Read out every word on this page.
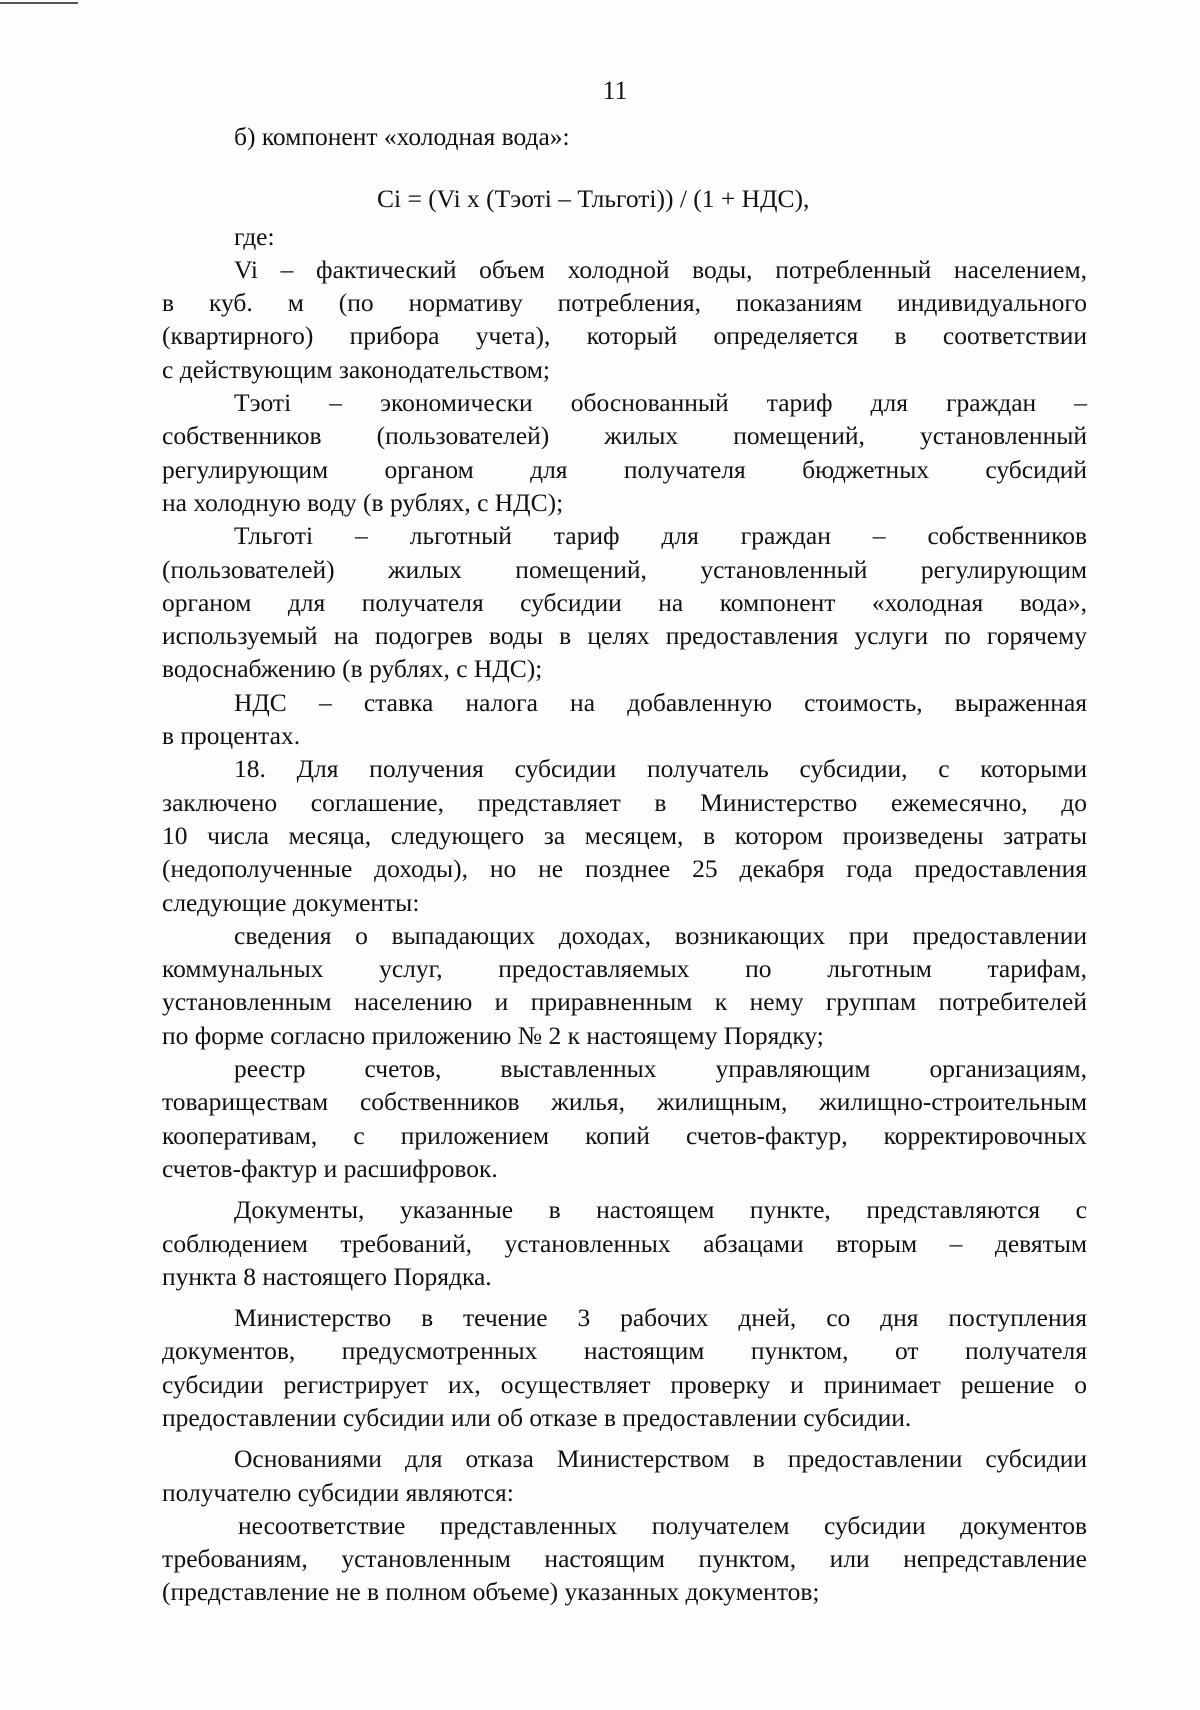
11
б) компонент «холодная вода»:
Ci = (Vi x (Тэоті – Тльготі)) / (1 + НДС),
где:
Vi – фактический объем холодной воды, потребленный населением,
в куб. м (по нормативу потребления, показаниям индивидуального
(квартирного) прибора учета), который определяется в соответствии
с действующим законодательством;
Тэоті – экономически обоснованный тариф для граждан –
собственников (пользователей) жилых помещений, установленный
регулирующим органом для получателя бюджетных субсидий
на холодную воду (в рублях, с НДС);
Тльготі – льготный тариф для граждан – собственников
(пользователей) жилых помещений, установленный регулирующим
органом для получателя субсидии на компонент «холодная вода»,
используемый на подогрев воды в целях предоставления услуги по горячему
водоснабжению (в рублях, с НДС);
НДС – ставка налога на добавленную стоимость, выраженная
в процентах.
18. Для получения субсидии получатель субсидии, с которыми
заключено соглашение, представляет в Министерство ежемесячно, до
10 числа месяца, следующего за месяцем, в котором произведены затраты
(недополученные доходы), но не позднее 25 декабря года предоставления
следующие документы:
сведения о выпадающих доходах, возникающих при предоставлении
коммунальных услуг, предоставляемых по льготным тарифам,
установленным населению и приравненным к нему группам потребителей
по форме согласно приложению № 2 к настоящему Порядку;
реестр счетов, выставленных управляющим организациям,
товариществам собственников жилья, жилищным, жилищно-строительным
кооперативам, с приложением копий счетов-фактур, корректировочных
счетов-фактур и расшифровок.
Документы, указанные в настоящем пункте, представляются с
соблюдением требований, установленных абзацами вторым – девятым
пункта 8 настоящего Порядка.
Министерство в течение 3 рабочих дней, со дня поступления
документов, предусмотренных настоящим пунктом, от получателя
субсидии регистрирует их, осуществляет проверку и принимает решение о
предоставлении субсидии или об отказе в предоставлении субсидии.
Основаниями для отказа Министерством в предоставлении субсидии
получателю субсидии являются:
несоответствие представленных получателем субсидии документов
требованиям, установленным настоящим пунктом, или непредставление
(представление не в полном объеме) указанных документов;
